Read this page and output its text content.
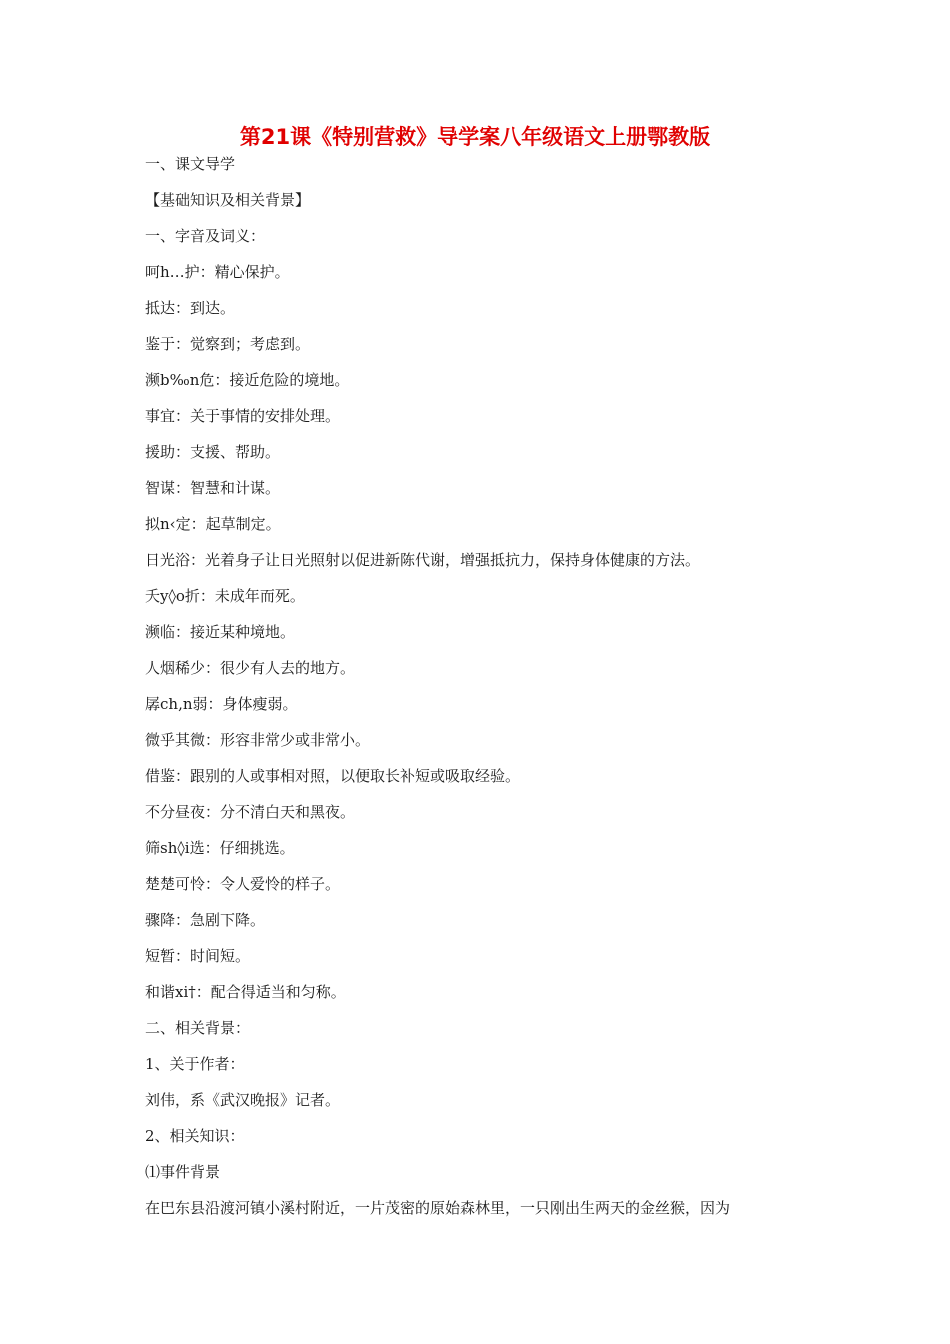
第21课《特别营救》导学案八年级语文上册鄂教版
一、课文导学
【基础知识及相关背景】
一、字音及词义：
呵h…护：精心保护。
抵达：到达。
鉴于：觉察到；考虑到。
濒b‰n危：接近危险的境地。
事宜：关于事情的安排处理。
援助：支援、帮助。
智谋：智慧和计谋。
拟n‹定：起草制定。
日光浴：光着身子让日光照射以促进新陈代谢，增强抵抗力，保持身体健康的方法。
夭y◊o折：未成年而死。
濒临：接近某种境地。
人烟稀少：很少有人去的地方。
孱ch‚n弱：身体瘦弱。
微乎其微：形容非常少或非常小。
借鉴：跟别的人或事相对照，以便取长补短或吸取经验。
不分昼夜：分不清白天和黑夜。
筛sh◊i选：仔细挑选。
楚楚可怜：令人爱怜的样子。
骤降：急剧下降。
短暂：时间短。
和谐xi†：配合得适当和匀称。
二、相关背景：
1、关于作者：
刘伟，系《武汉晚报》记者。
2、相关知识：
⑴事件背景
在巴东县沿渡河镇小溪村附近，一片茂密的原始森林里，一只刚出生两天的金丝猴，因为
